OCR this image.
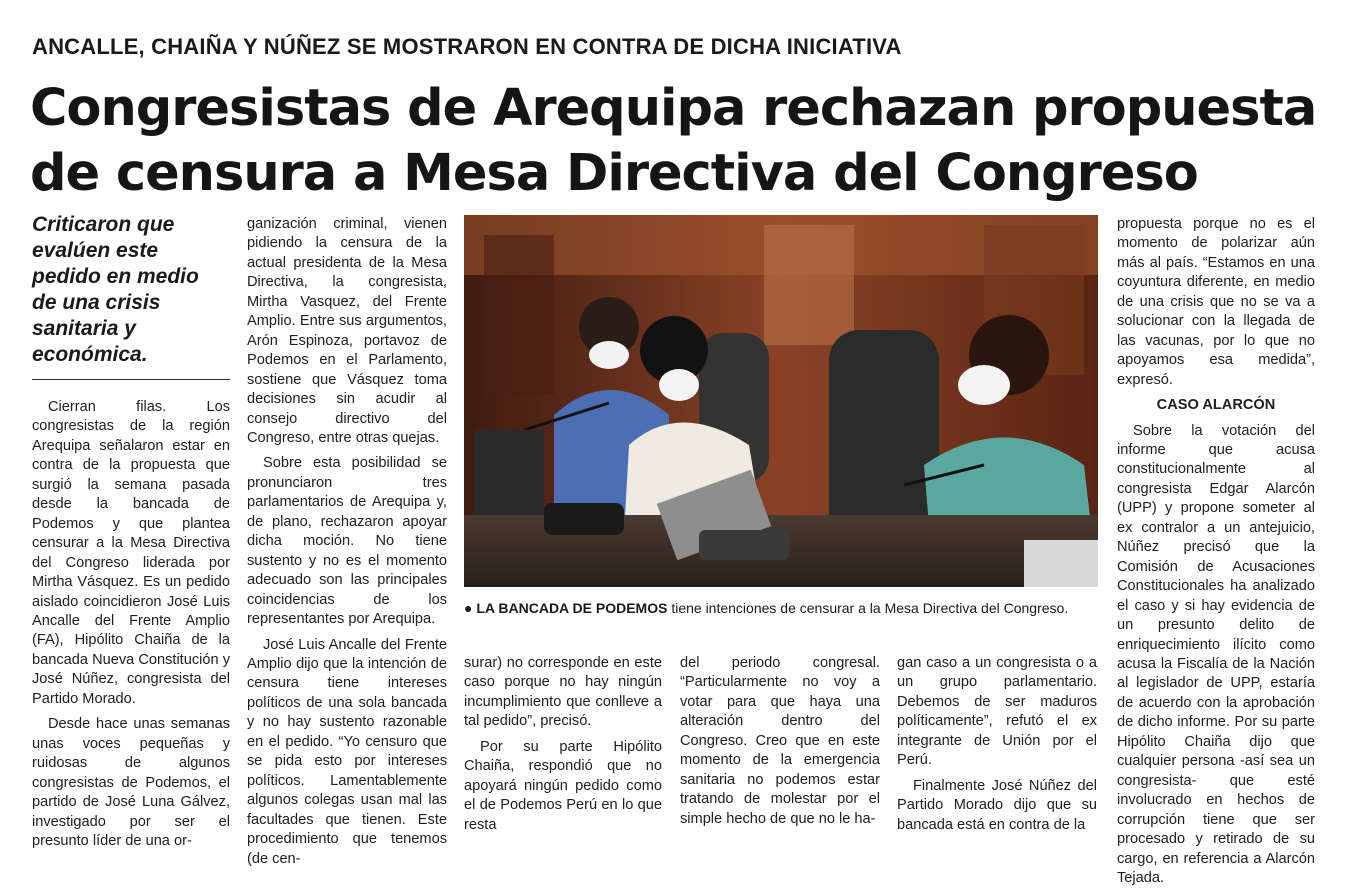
ANCALLE, CHAIÑA Y NÚÑEZ SE MOSTRARON EN CONTRA DE DICHA INICIATIVA
Congresistas de Arequipa rechazan propuesta
de censura a Mesa Directiva del Congreso
Criticaron que evalúen este pedido en medio de una crisis sanitaria y económica.

Cierran filas. Los congresistas de la región Arequipa señalaron estar en contra de la propuesta que surgió la semana pasada desde la bancada de Podemos y que plantea censurar a la Mesa Directiva del Congreso liderada por Mirtha Vásquez. Es un pedido aislado coincidieron José Luis Ancalle del Frente Amplio (FA), Hipólito Chaiña de la bancada Nueva Constitución y José Núñez, congresista del Partido Morado.

Desde hace unas semanas unas voces pequeñas y ruidosas de algunos congresistas de Podemos, el partido de José Luna Gálvez, investigado por ser el presunto líder de una or-

ganización criminal, vienen pidiendo la censura de la actual presidenta de la Mesa Directiva, la congresista, Mirtha Vasquez, del Frente Amplio. Entre sus argumentos, Arón Espinoza, portavoz de Podemos en el Parlamento, sostiene que Vásquez toma decisiones sin acudir al consejo directivo del Congreso, entre otras quejas.

Sobre esta posibilidad se pronunciaron tres parlamentarios de Arequipa y, de plano, rechazaron apoyar dicha moción. No tiene sustento y no es el momento adecuado son las principales coincidencias de los representantes por Arequipa.

José Luis Ancalle del Frente Amplio dijo que la intención de censura tiene intereses políticos de una sola bancada y no hay sustento razonable en el pedido. “Yo censuro que se pida esto por intereses políticos. Lamentablemente algunos colegas usan mal las facultades que tienen. Este procedimiento que tenemos (de cen-

● LA BANCADA DE PODEMOS tiene intenciones de censurar a la Mesa Directiva del Congreso.

surar) no corresponde en este caso porque no hay ningún incumplimiento que conlleve a tal pedido”, precisó.

Por su parte Hipólito Chaiña, respondió que no apoyará ningún pedido como el de Podemos Perú en lo que resta

del periodo congresal. “Particularmente no voy a votar para que haya una alteración dentro del Congreso. Creo que en este momento de la emergencia sanitaria no podemos estar tratando de molestar por el simple hecho de que no le ha-

gan caso a un congresista o a un grupo parlamentario. Debemos de ser maduros políticamente”, refutó el ex integrante de Unión por el Perú.

Finalmente José Núñez del Partido Morado dijo que su bancada está en contra de la

propuesta porque no es el momento de polarizar aún más al país. “Estamos en una coyuntura diferente, en medio de una crisis que no se va a solucionar con la llegada de las vacunas, por lo que no apoyamos esa medida”, expresó.

CASO ALARCÓN

Sobre la votación del informe que acusa constitucionalmente al congresista Edgar Alarcón (UPP) y propone someter al ex contralor a un antejuicio, Núñez precisó que la Comisión de Acusaciones Constitucionales ha analizado el caso y si hay evidencia de un presunto delito de enriquecimiento ilícito como acusa la Fiscalía de la Nación al legislador de UPP, estaría de acuerdo con la aprobación de dicho informe. Por su parte Hipólito Chaiña dijo que cualquier persona -así sea un congresista- que esté involucrado en hechos de corrupción tiene que ser procesado y retirado de su cargo, en referencia a Alarcón Tejada.
